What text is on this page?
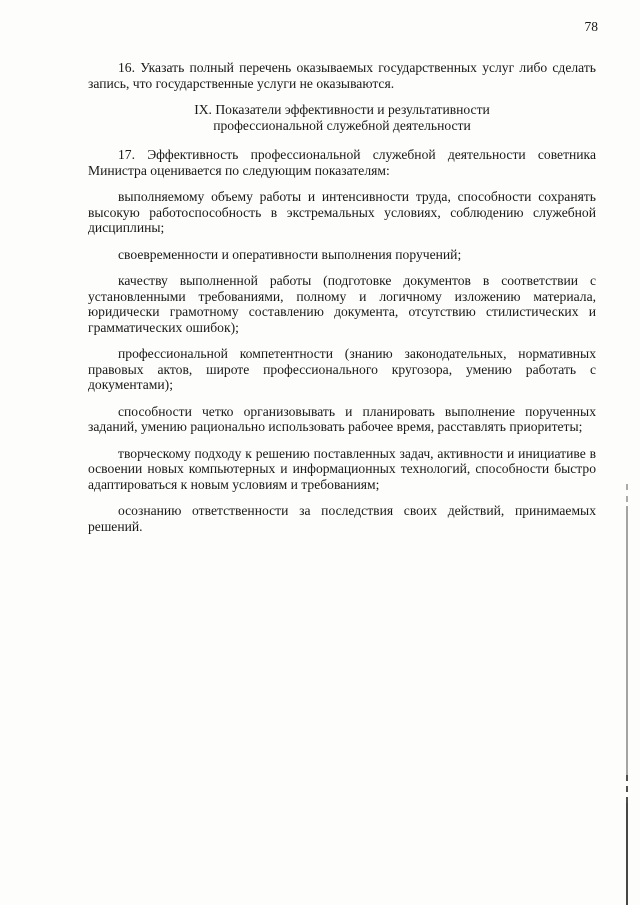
78

16. Указать полный перечень оказываемых государственных услуг либо сделать запись, что государственные услуги не оказываются.

IX. Показатели эффективности и результативности
профессиональной служебной деятельности

17. Эффективность профессиональной служебной деятельности советника Министра оценивается по следующим показателям:

выполняемому объему работы и интенсивности труда, способности сохранять высокую работоспособность в экстремальных условиях, соблюдению служебной дисциплины;

своевременности и оперативности выполнения поручений;

качеству выполненной работы (подготовке документов в соответствии с установленными требованиями, полному и логичному изложению материала, юридически грамотному составлению документа, отсутствию стилистических и грамматических ошибок);

профессиональной компетентности (знанию законодательных, нормативных правовых актов, широте профессионального кругозора, умению работать с документами);

способности четко организовывать и планировать выполнение порученных заданий, умению рационально использовать рабочее время, расставлять приоритеты;

творческому подходу к решению поставленных задач, активности и инициативе в освоении новых компьютерных и информационных технологий, способности быстро адаптироваться к новым условиям и требованиям;

осознанию ответственности за последствия своих действий, принимаемых решений.
